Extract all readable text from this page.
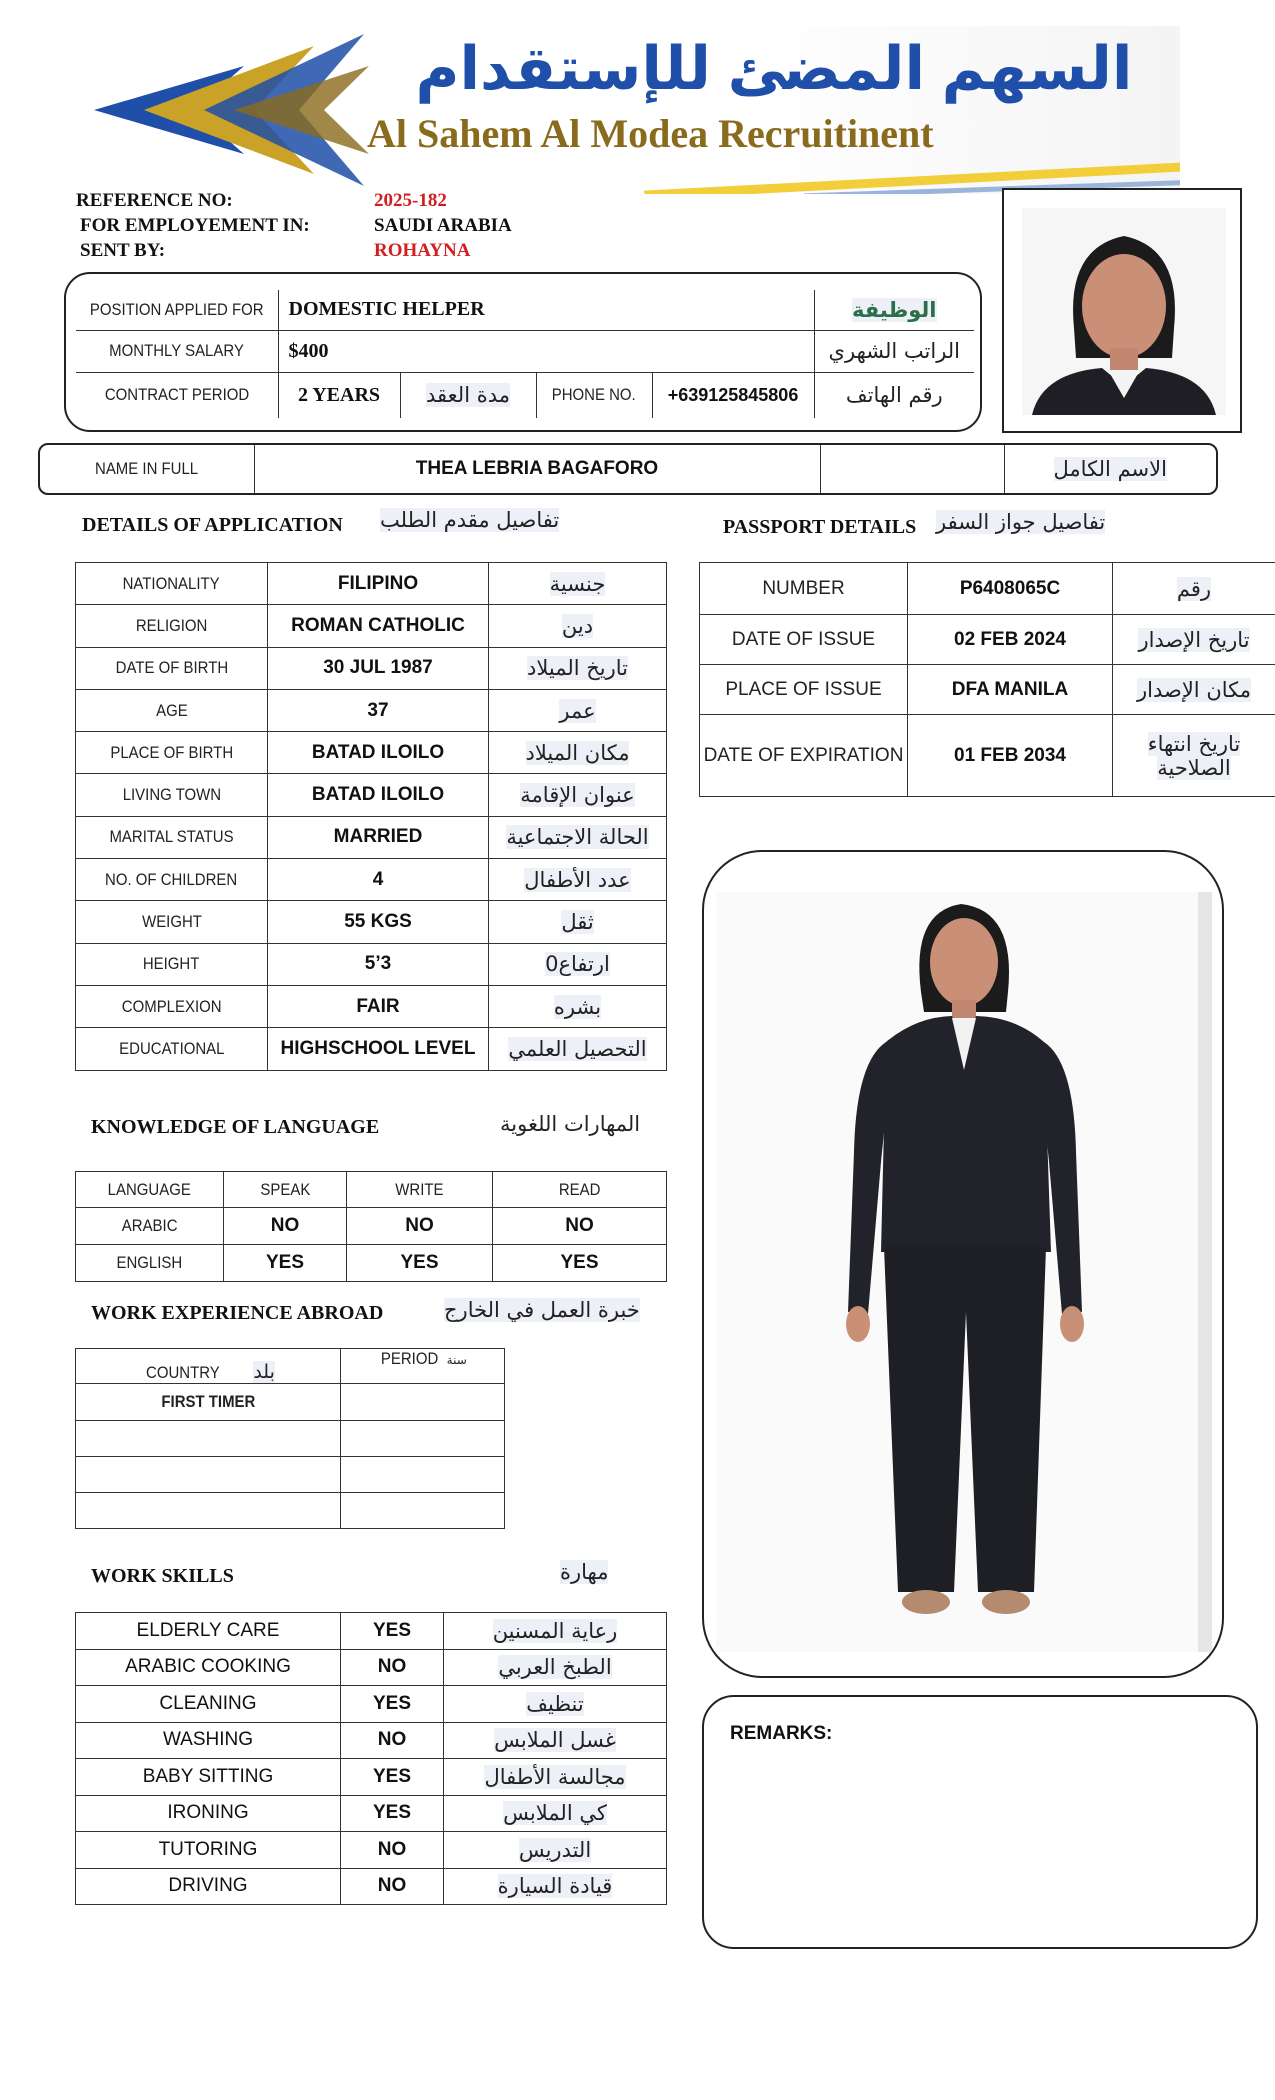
السهم المضئ للإستقدام
Al Sahem Al Modea Recruitinent
REFERENCE NO:	2025-182
FOR EMPLOYEMENT IN:	SAUDI ARABIA
SENT BY:	ROHAYNA
POSITION APPLIED FOR	DOMESTIC HELPER				الوظيفة
MONTHLY SALARY	$400				الراتب الشهري
CONTRACT PERIOD	2 YEARS	مدة العقد	PHONE NO.	+639125845806	رقم الهاتف
NAME IN FULL	THEA LEBRIA BAGAFORO		الاسم الكامل
DETAILS OF APPLICATION تفاصيل مقدم الطلب
NATIONALITY	FILIPINO	جنسية
RELIGION	ROMAN CATHOLIC	دين
DATE OF BIRTH	30 JUL 1987	تاريخ الميلاد
AGE	37	عمر
PLACE OF BIRTH	BATAD ILOILO	مكان الميلاد
LIVING TOWN	BATAD ILOILO	عنوان الإقامة
MARITAL STATUS	MARRIED	الحالة الاجتماعية
NO. OF CHILDREN	4	عدد الأطفال
WEIGHT	55 KGS	ثقل
HEIGHT	5’3	ارتفاع0
COMPLEXION	FAIR	بشره
EDUCATIONAL	HIGHSCHOOL LEVEL	التحصيل العلمي
PASSPORT DETAILS تفاصيل جواز السفر
NUMBER	P6408065C	رقم
DATE OF ISSUE	02 FEB 2024	تاريخ الإصدار
PLACE OF ISSUE	DFA MANILA	مكان الإصدار
DATE OF EXPIRATION	01 FEB 2034	تاريخ انتهاء الصلاحية
KNOWLEDGE OF LANGUAGE	المهارات اللغوية
LANGUAGE	SPEAK	WRITE	READ
ARABIC	NO	NO	NO
ENGLISH	YES	YES	YES
WORK EXPERIENCE ABROAD	خبرة العمل في الخارج
COUNTRY بلد	PERIOD سنة
FIRST TIMER	

WORK SKILLS	مهارة
ELDERLY CARE	YES	رعاية المسنين
ARABIC COOKING	NO	الطبخ العربي
CLEANING	YES	تنظيف
WASHING	NO	غسل الملابس
BABY SITTING	YES	مجالسة الأطفال
IRONING	YES	كي الملابس
TUTORING	NO	التدريس
DRIVING	NO	قيادة السيارة
REMARKS:
